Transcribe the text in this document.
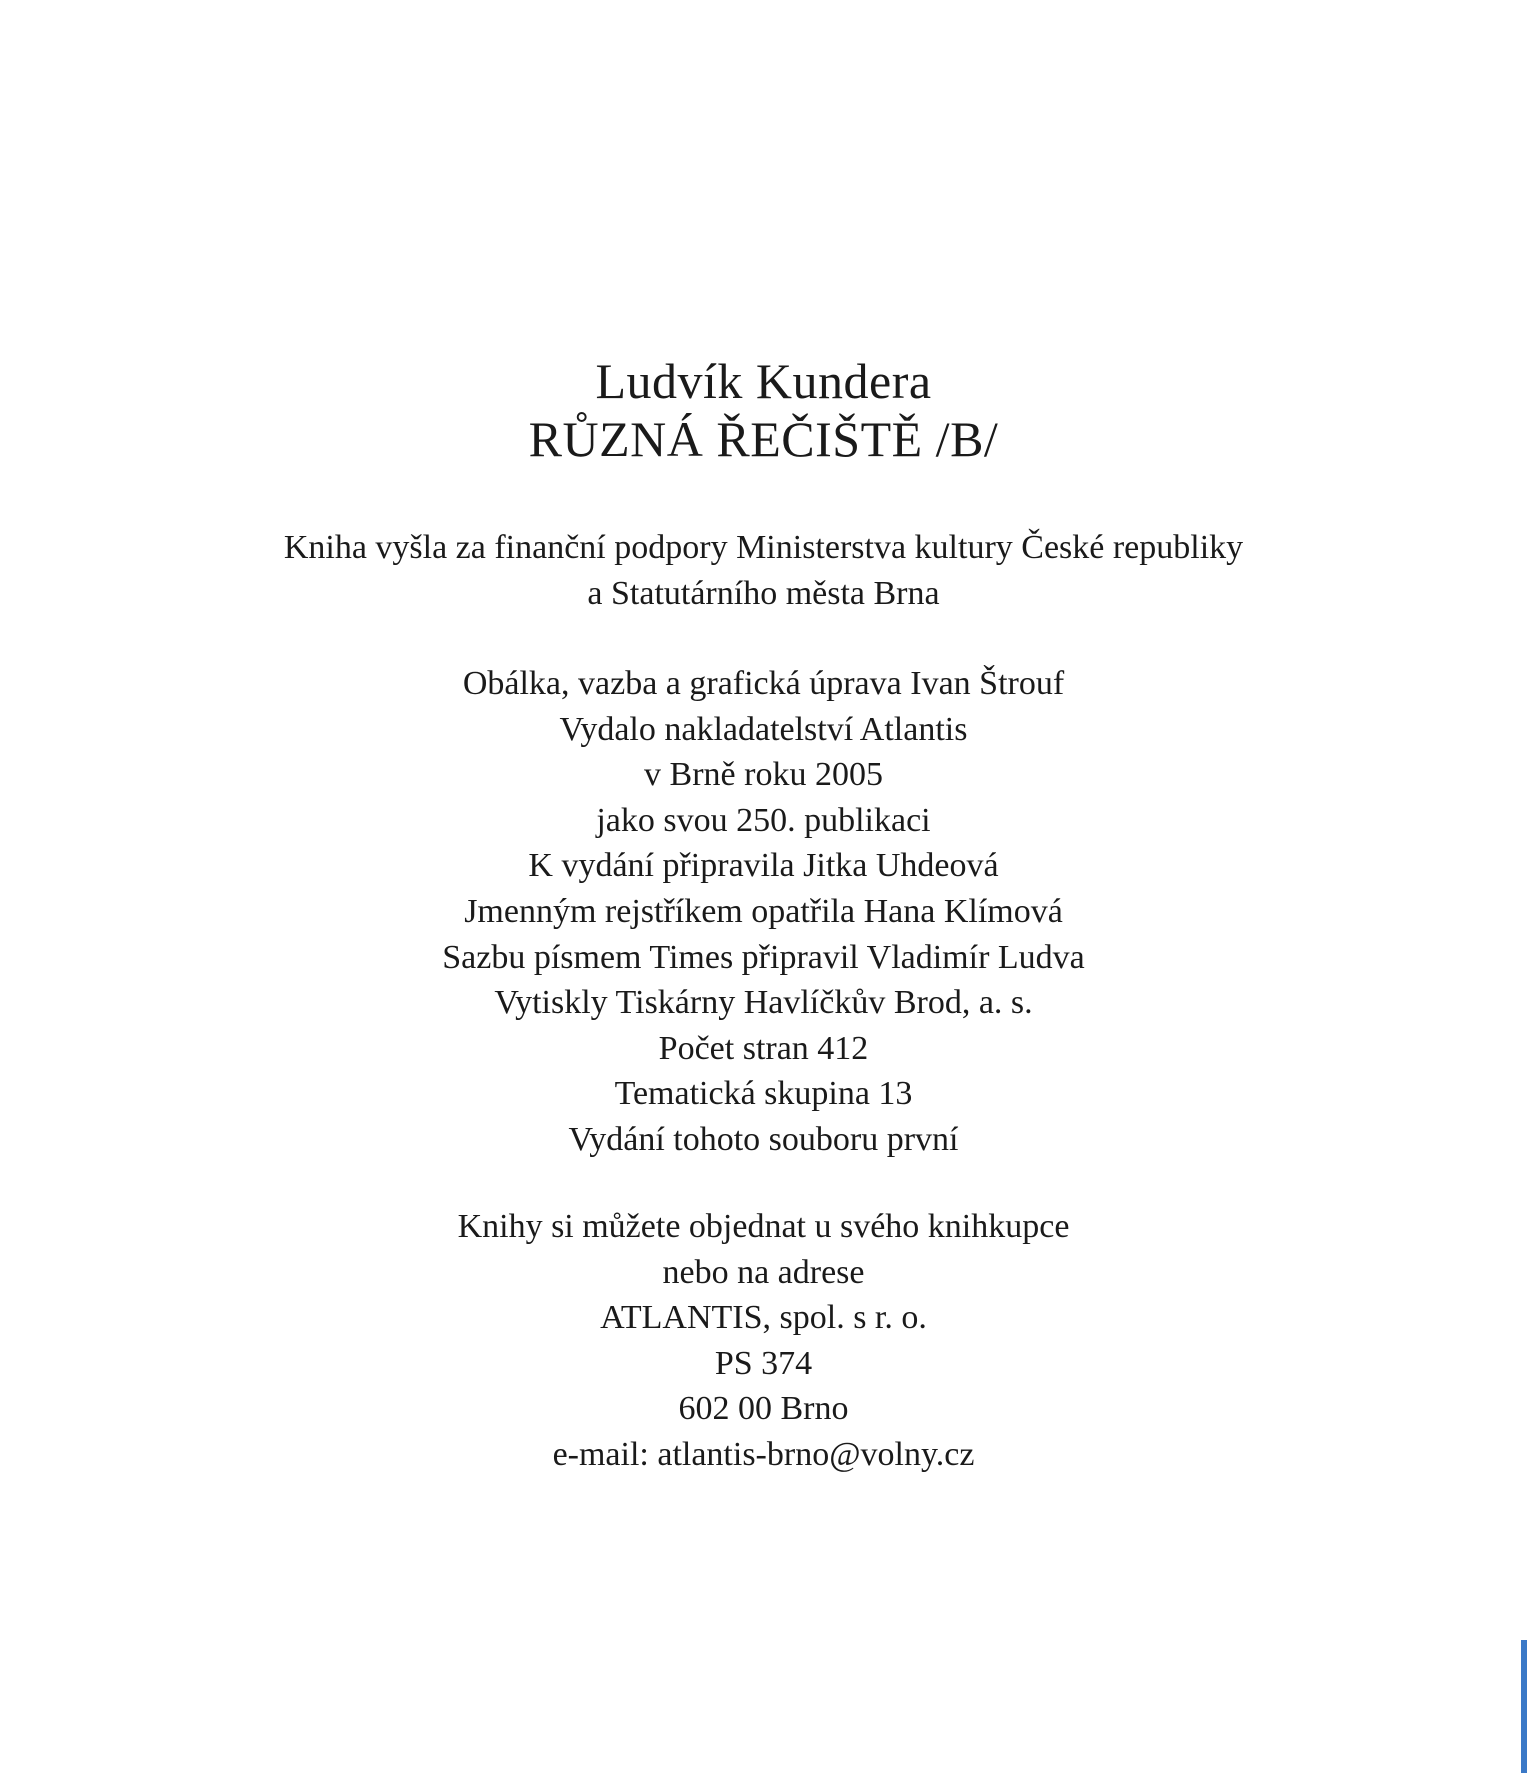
Ludvík Kundera
RŮZNÁ ŘEČIŠTĚ /B/
Kniha vyšla za finanční podpory Ministerstva kultury České republiky
a Statutárního města Brna
Obálka, vazba a grafická úprava Ivan Štrouf
Vydalo nakladatelství Atlantis
v Brně roku 2005
jako svou 250. publikaci
K vydání připravila Jitka Uhdeová
Jmenným rejstříkem opatřila Hana Klímová
Sazbu písmem Times připravil Vladimír Ludva
Vytiskly Tiskárny Havlíčkův Brod, a. s.
Počet stran 412
Tematická skupina 13
Vydání tohoto souboru první
Knihy si můžete objednat u svého knihkupce
nebo na adrese
ATLANTIS, spol. s r. o.
PS 374
602 00 Brno
e-mail: atlantis-brno@volny.cz
